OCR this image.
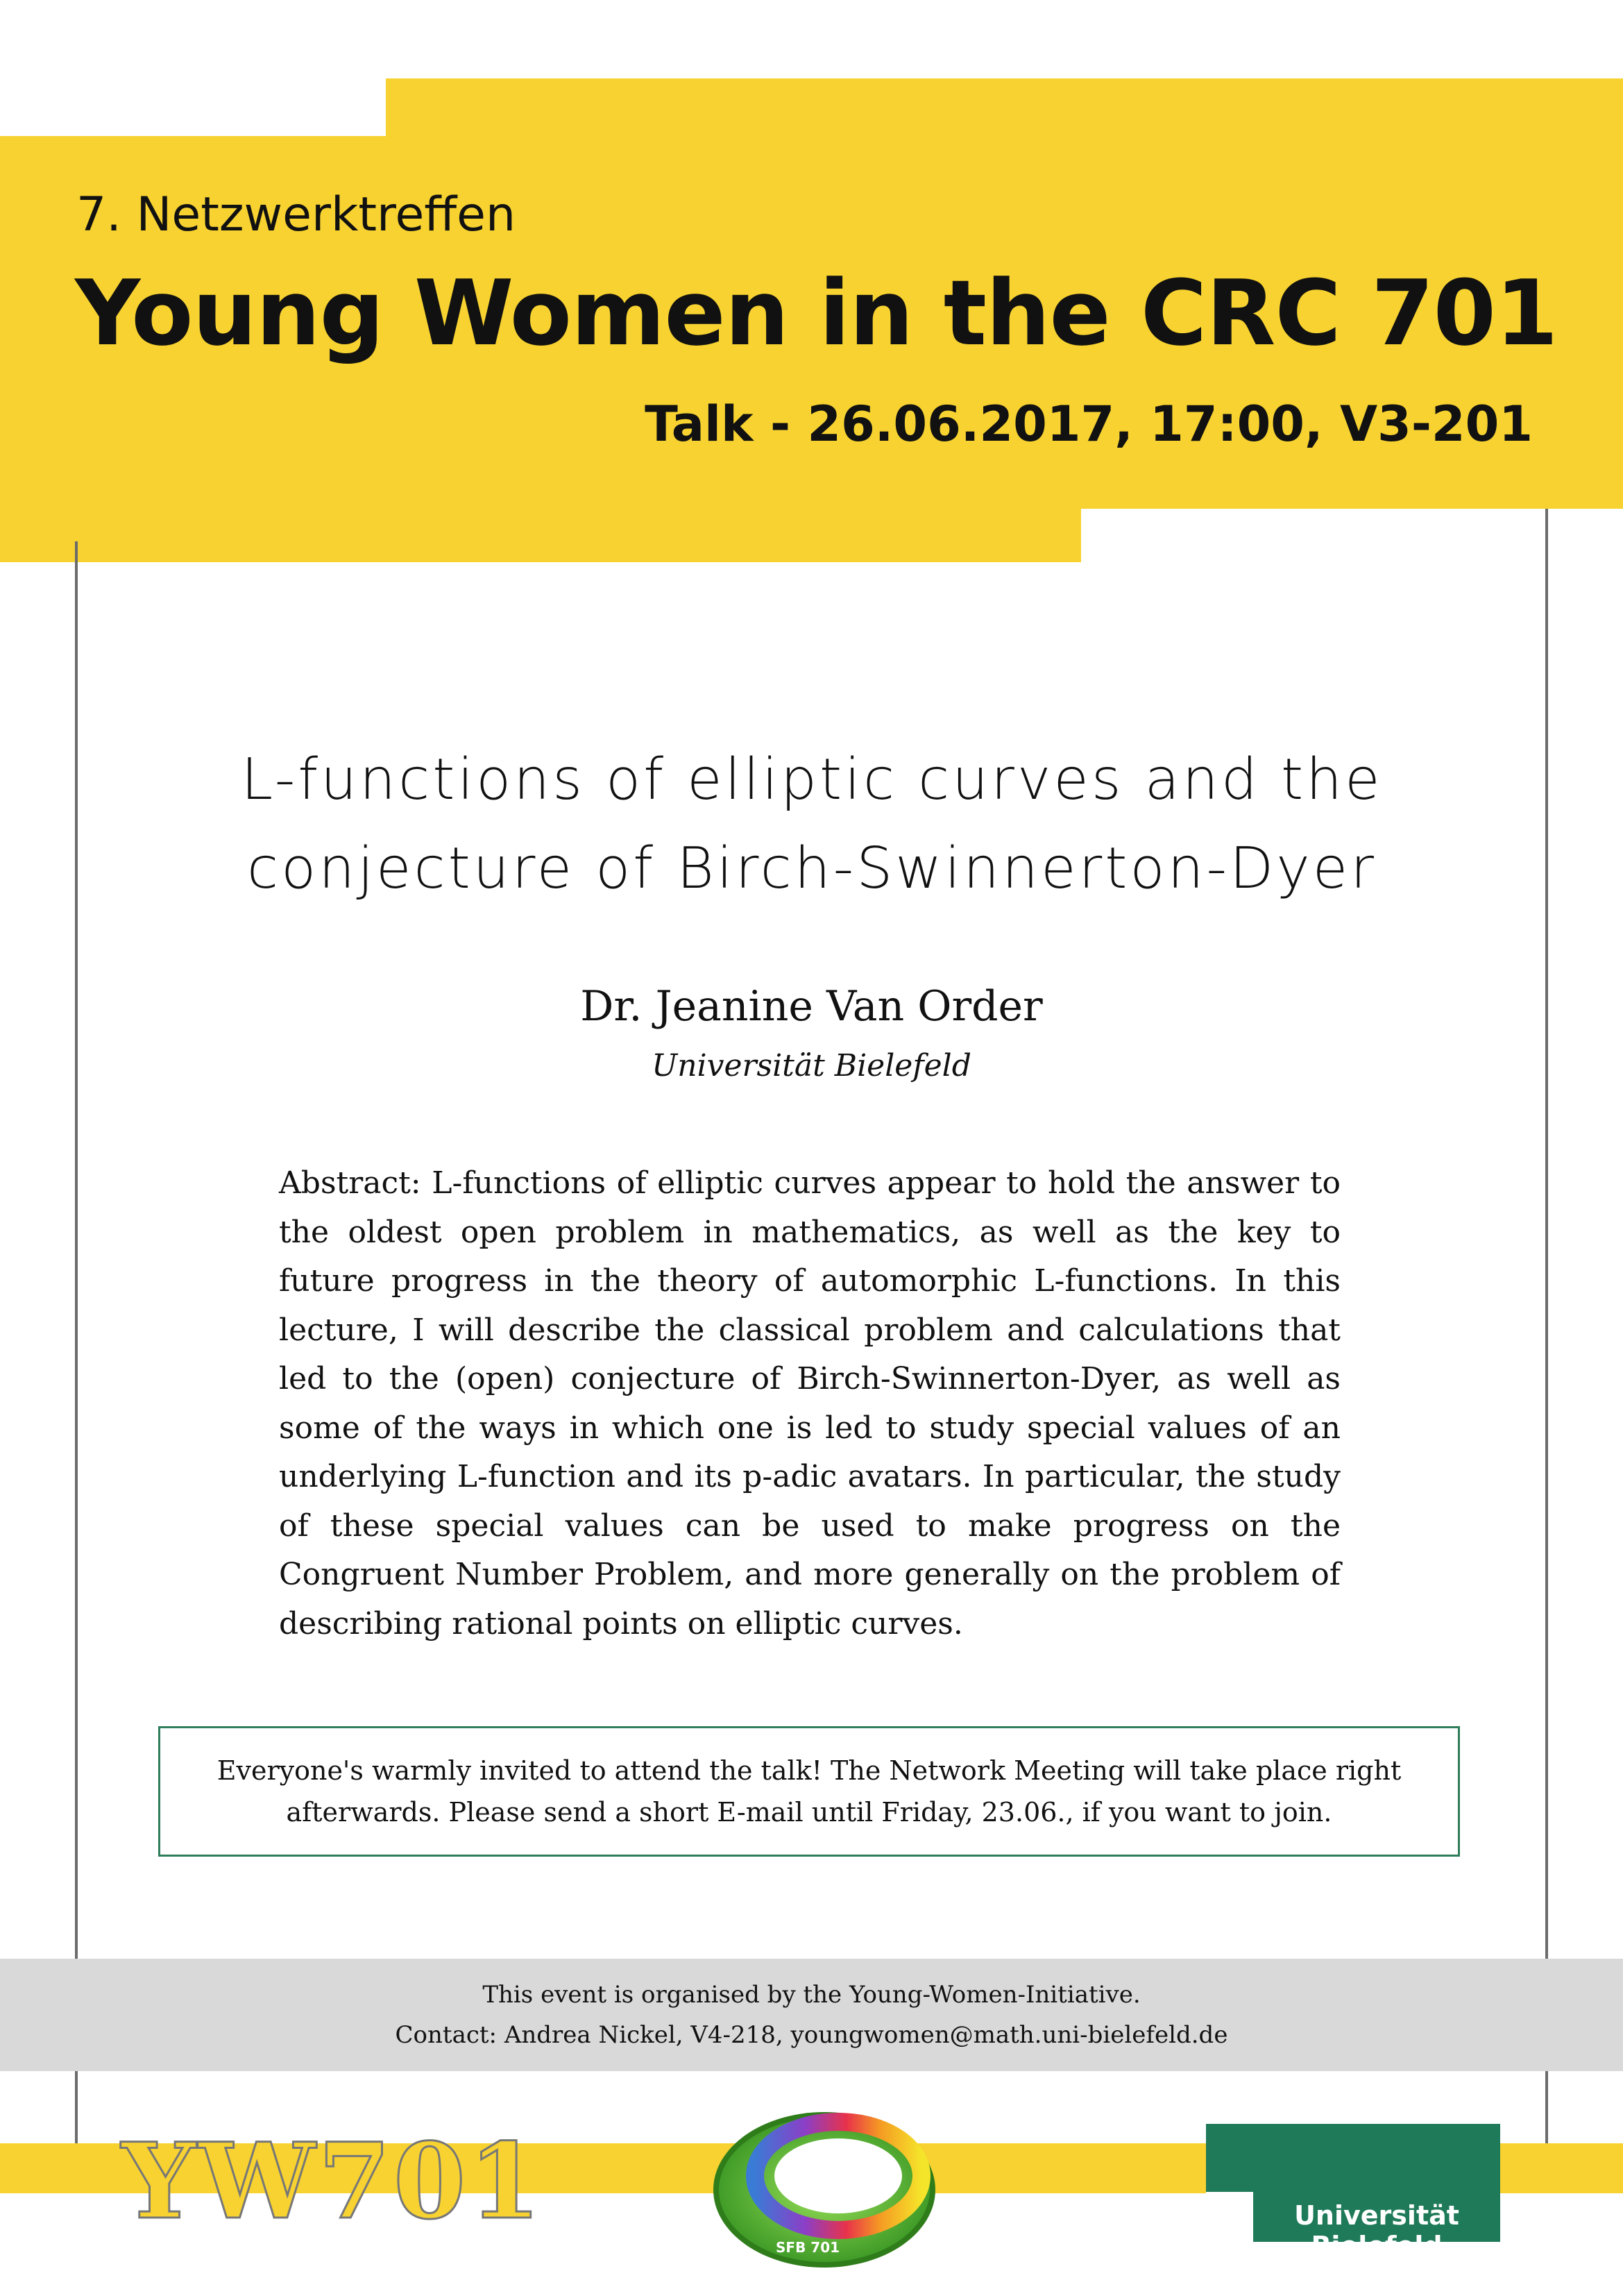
7. Netzwerktreffen
Young Women in the CRC 701
Talk - 26.06.2017, 17:00, V3-201
L-functions of elliptic curves and the
conjecture of Birch-Swinnerton-Dyer
Dr. Jeanine Van Order
Universität Bielefeld
Abstract: L-functions of elliptic curves appear to hold the answer to the oldest open problem in mathematics, as well as the key to future progress in the theory of automorphic L-functions. In this lecture, I will describe the classical problem and calculations that led to the (open) conjecture of Birch-Swinnerton-Dyer, as well as some of the ways in which one is led to study special values of an underlying L-function and its p-adic avatars. In particular, the study of these special values can be used to make progress on the Congruent Number Problem, and more generally on the problem of describing rational points on elliptic curves.
Everyone's warmly invited to attend the talk! The Network Meeting will take place right
afterwards. Please send a short E-mail until Friday, 23.06., if you want to join.
This event is organised by the Young-Women-Initiative.
Contact: Andrea Nickel, V4-218, youngwomen@math.uni-bielefeld.de
YW701
SFB 701
Universität Bielefeld
